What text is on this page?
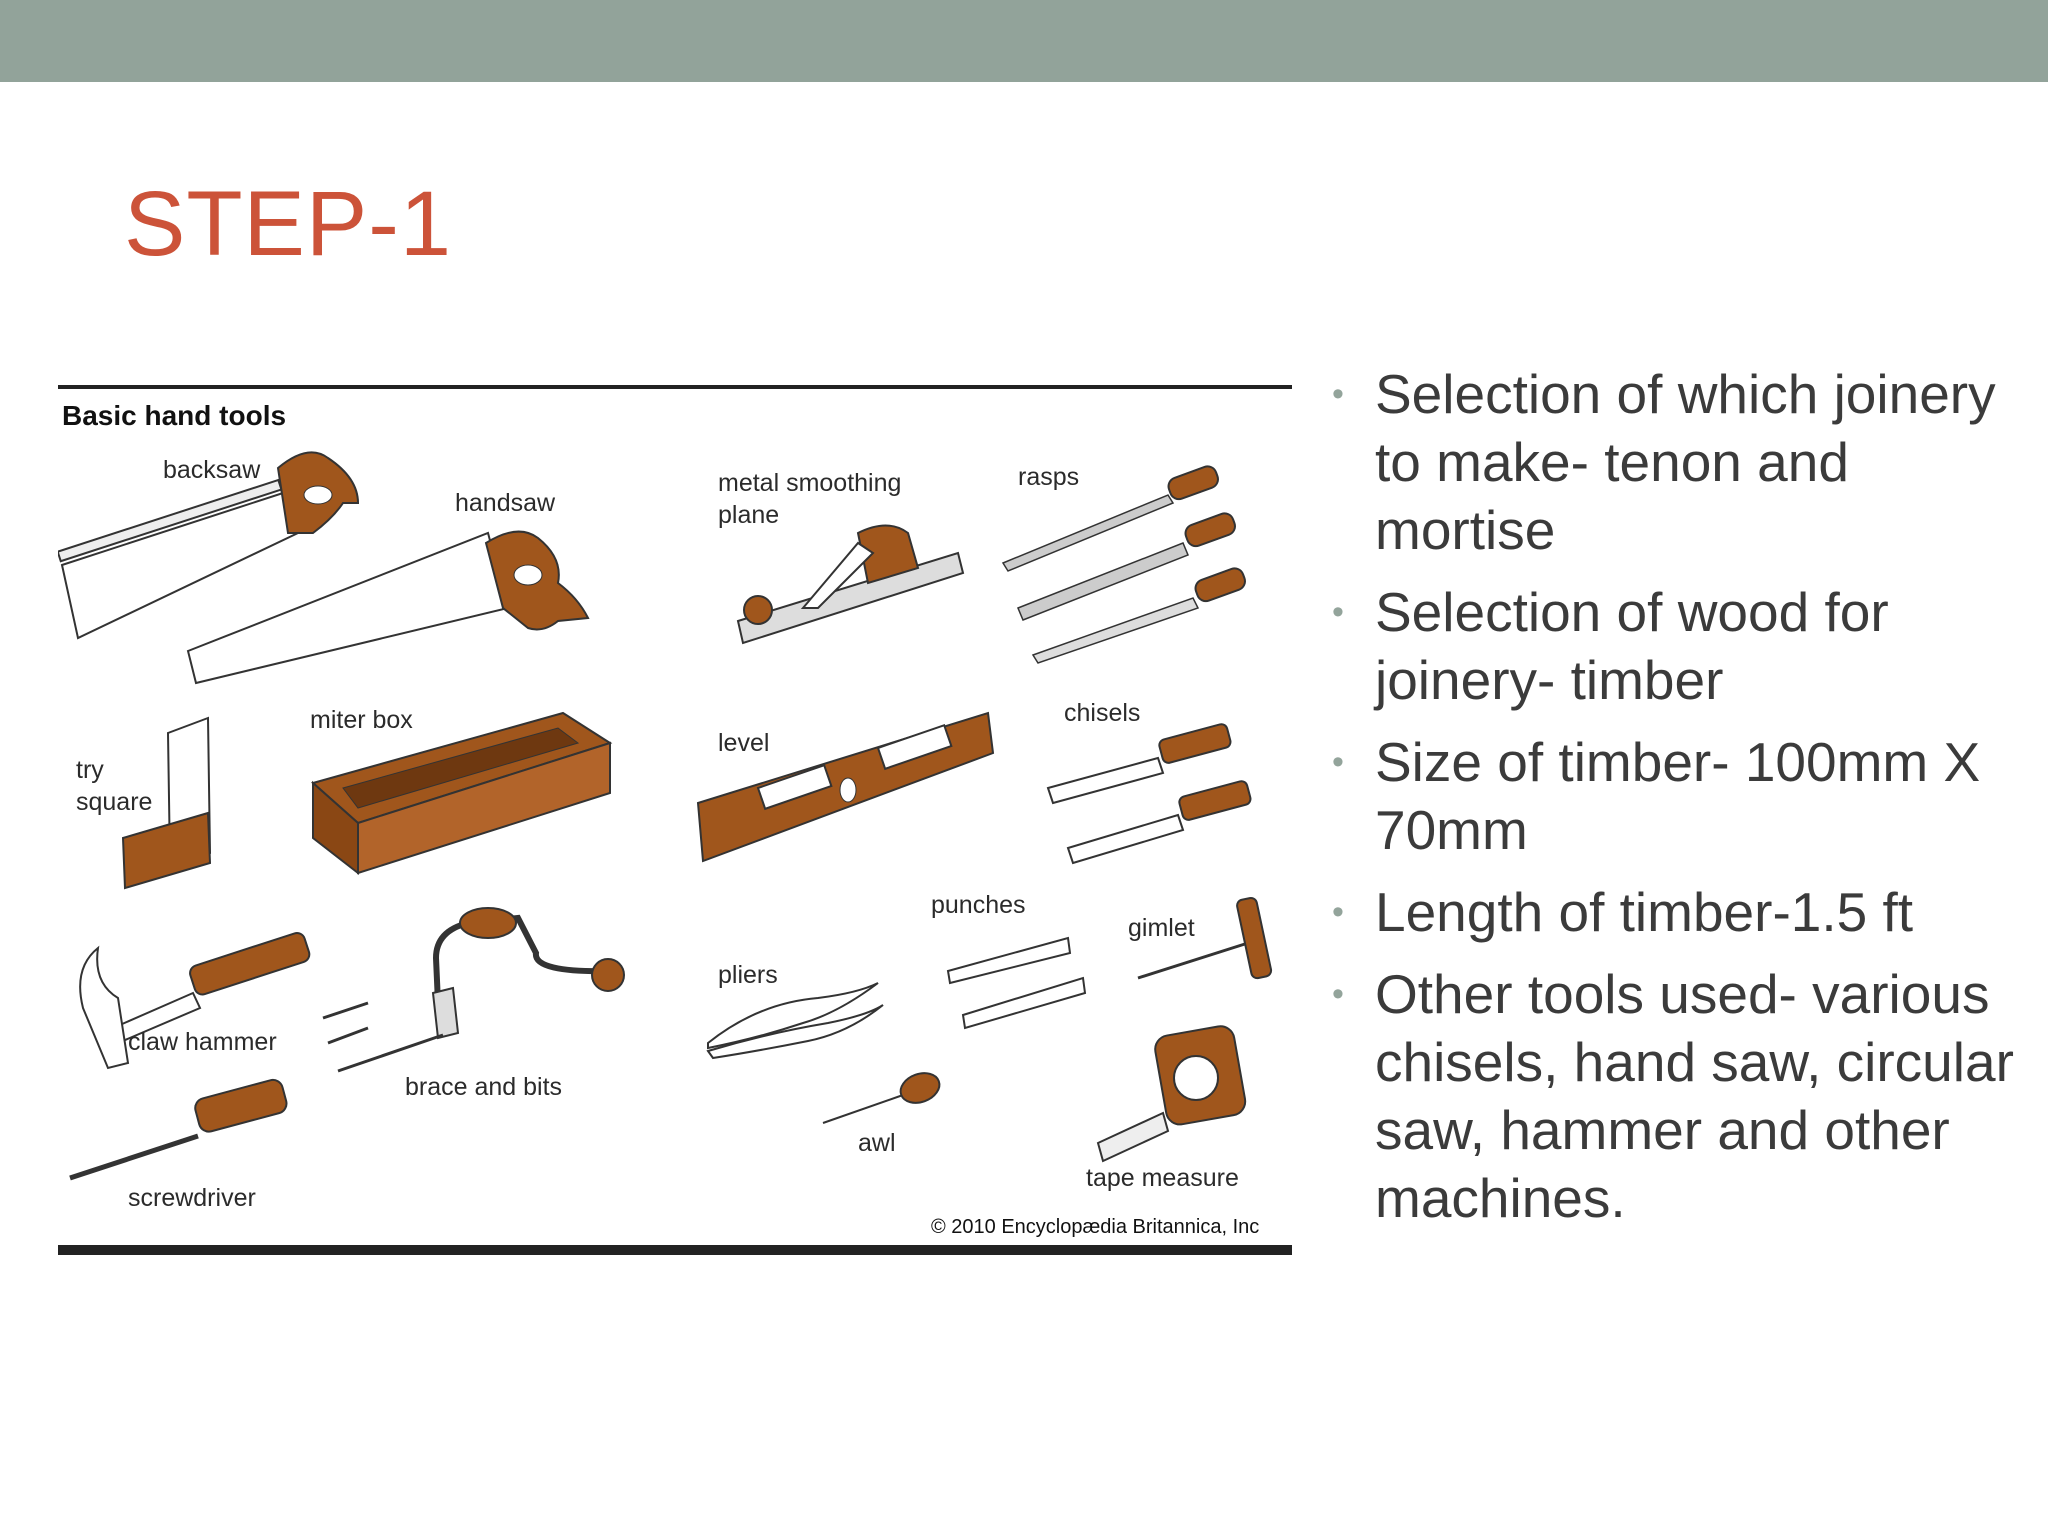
STEP-1
Basic hand tools
backsaw
handsaw
metal smoothing
plane
rasps
try
square
miter box
level
chisels
claw hammer
brace and bits
punches
gimlet
pliers
awl
tape measure
screwdriver
© 2010 Encyclopædia Britannica, Inc
• Selection of which joinery to make- tenon and mortise
• Selection of wood for joinery- timber
• Size of timber- 100mm X 70mm
• Length of timber-1.5 ft
• Other tools used- various chisels, hand saw, circular saw, hammer and other machines.
